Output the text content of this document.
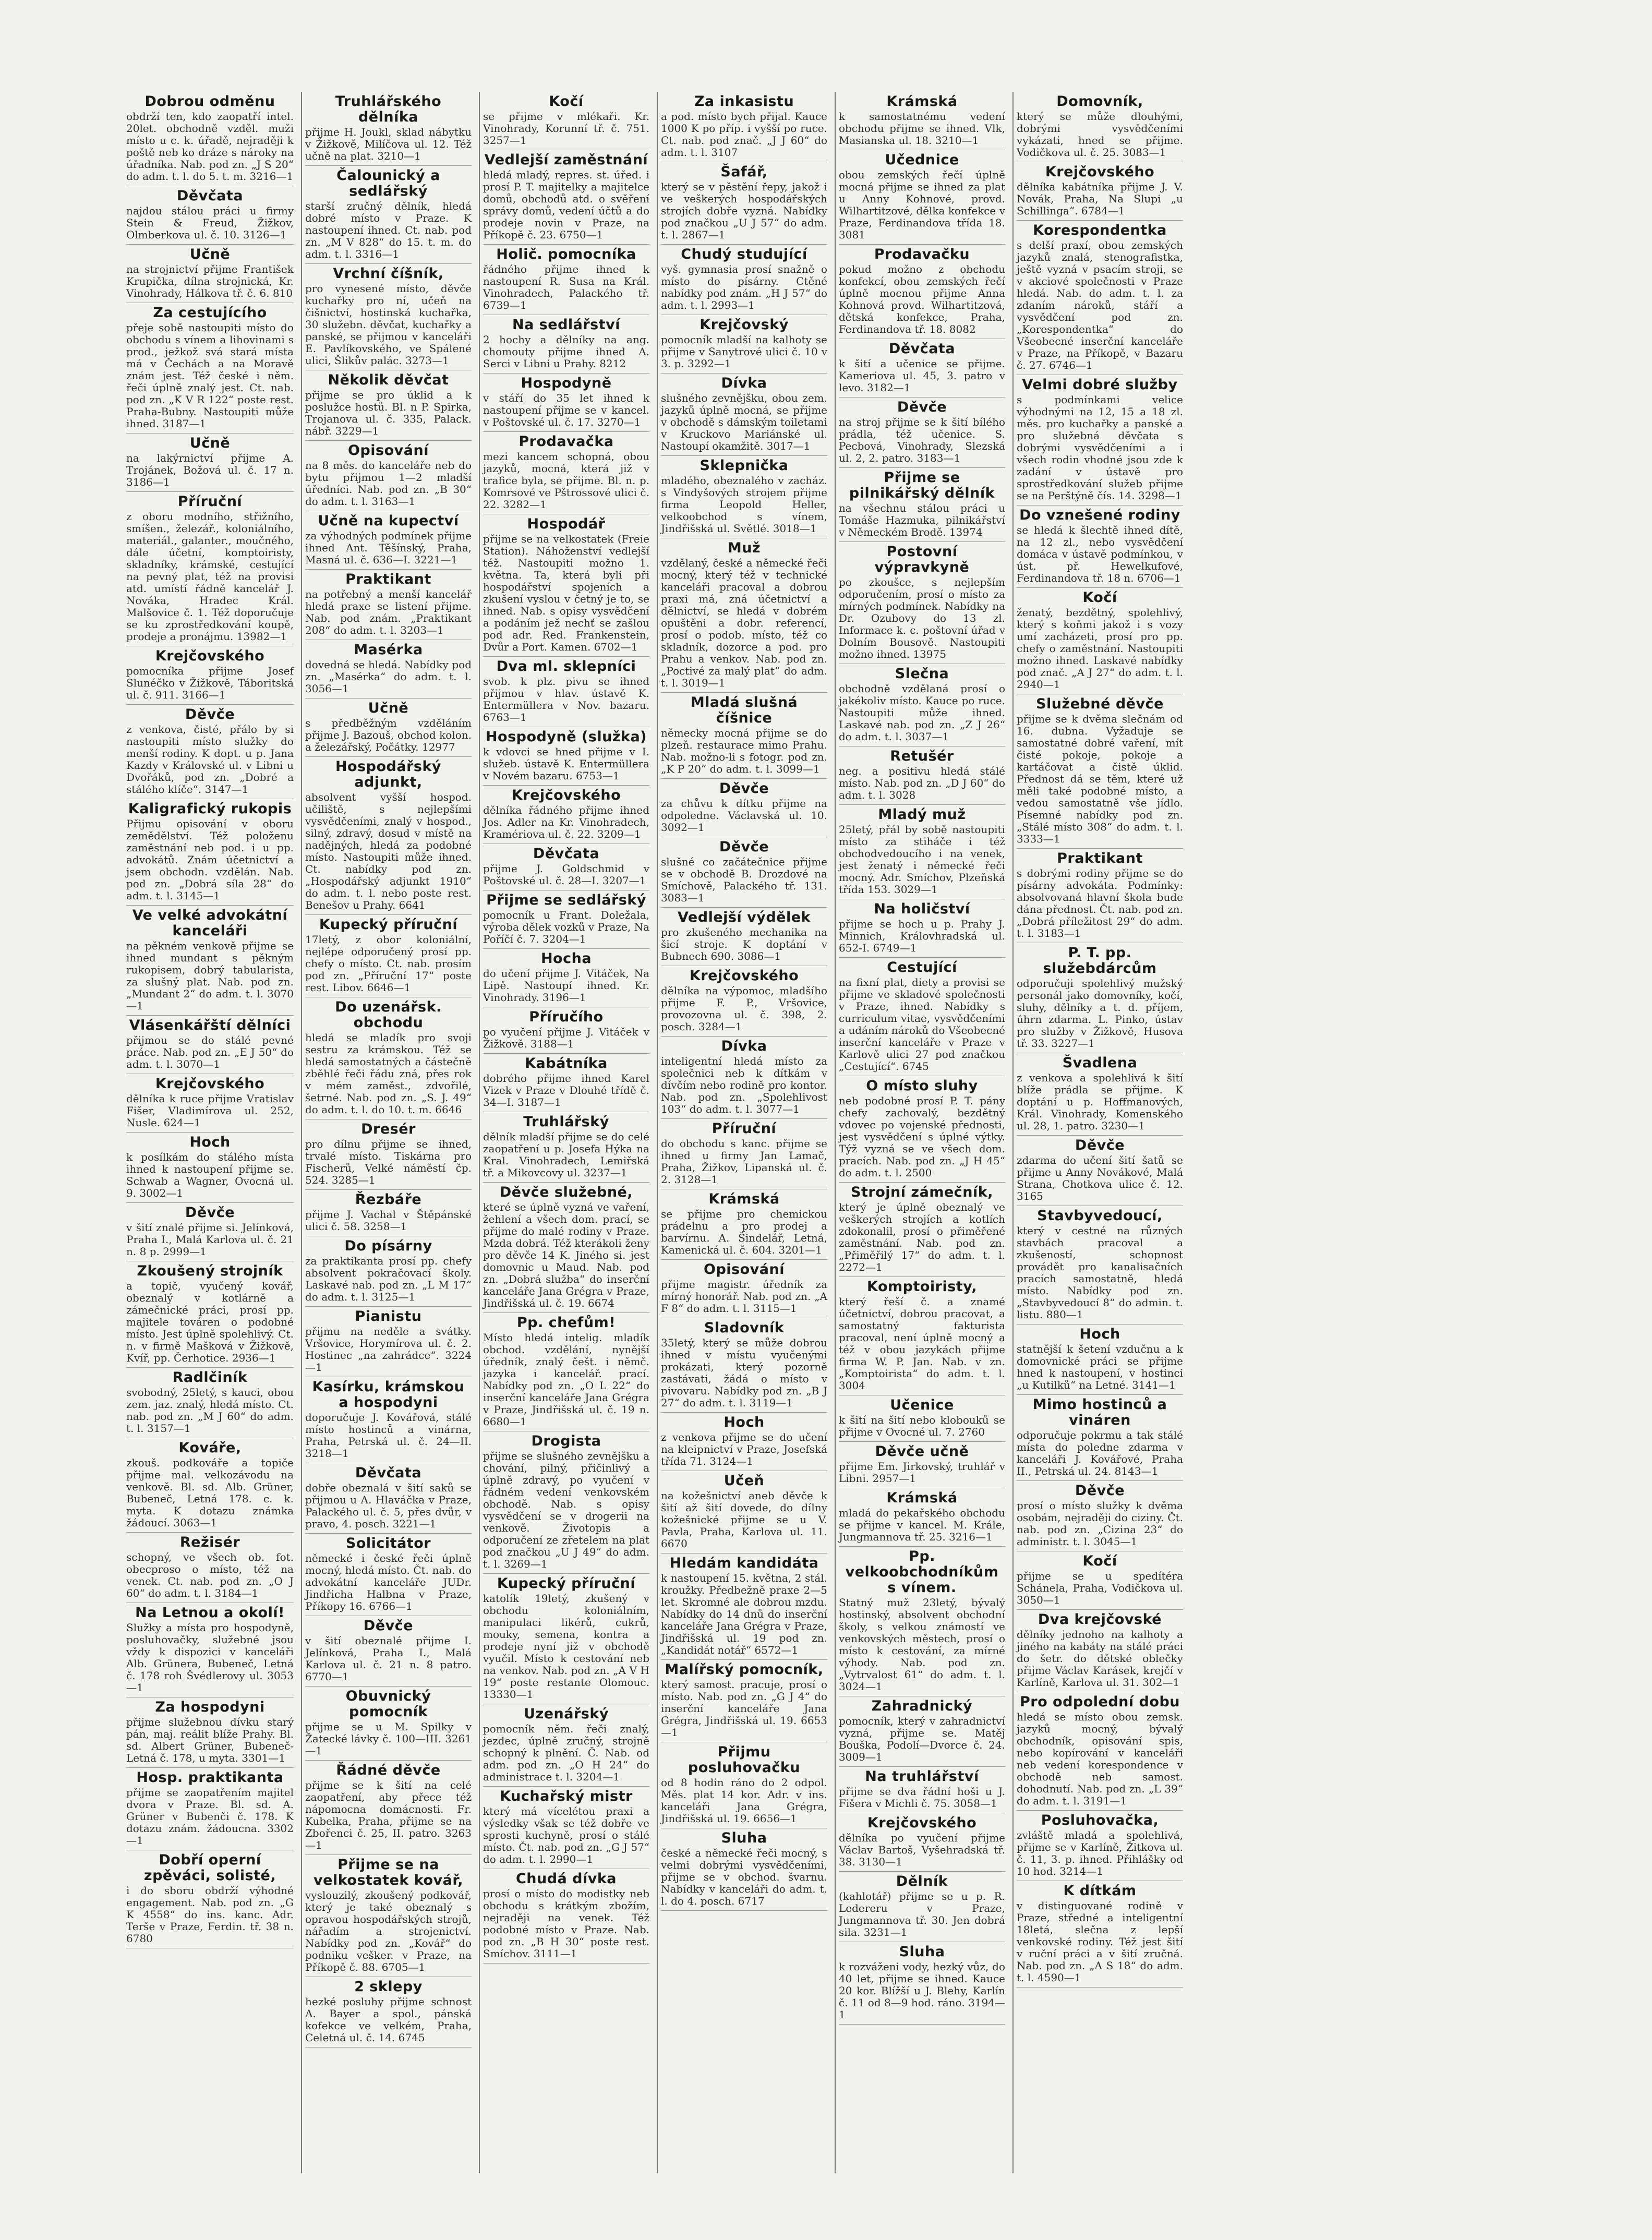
Dobrou odměnu

obdrží ten, kdo zaopatří intel. 20let. obchodně vzděl. muži místo u c. k. úřadě, nejraději k poště neb ko dráze s nároky na úřadníka. Nab. pod zn. „J S 20“ do adm. t. l. do 5. t. m. 3216—1

Děvčata

najdou stálou práci u firmy Stein & Freud, Žižkov, Olmberkova ul. č. 10. 3126—1

Učně

na strojnictví přijme František Krupička, dílna strojnická, Kr. Vinohrady, Hálkova tř. č. 6. 810

Za cestujícího

přeje sobě nastoupiti místo do obchodu s vínem a lihovinami s prod., ježkož svá stará místa má v Čechách a na Moravě znám jest. Též české i něm. řeči úplně znalý jest. Ct. nab. pod zn. „K V R 122“ poste rest. Praha-Bubny. Nastoupiti může ihned. 3187—1

Učně

na lakýrnictví přijme A. Trojánek, Božová ul. č. 17 n. 3186—1

Příruční

z oboru modního, střižního, smíšen., železář., koloniálního, materiál., galanter., moučného, dále účetní, komptoiristy, skladníky, krámské, cestující na pevný plat, též na provisi atd. umístí řádně kancelář J. Nováka, Hradec Král. Malšovice č. 1. Též doporučuje se ku zprostředkování koupě, prodeje a pronájmu. 13982—1

Krejčovského

pomocníka přijme Josef Slunéčko v Žižkově, Táboritská ul. č. 911. 3166—1

Děvče

z venkova, čisté, přálo by si nastoupiti místo služky do menší rodiny. K dopt. u p. Jana Kazdy v Královské ul. v Libni u Dvořáků, pod zn. „Dobré a stálého klíče“. 3147—1

Kaligrafický rukopis

Přijmu opisování v oboru zemědělství. Též položenu zaměstnání neb pod. i u pp. advokátů. Znám účetnictví a jsem obchodn. vzdělán. Nab. pod zn. „Dobrá síla 28“ do adm. t. l. 3145—1

Ve velké advokátní kanceláři

na pěkném venkově přijme se ihned mundant s pěkným rukopisem, dobrý tabularista, za slušný plat. Nab. pod zn. „Mundant 2“ do adm. t. l. 3070—1

Vlásenkářští dělníci

přijmou se do stálé pevné práce. Nab. pod zn. „E J 50“ do adm. t. l. 3070—1

Krejčovského

dělníka k ruce přijme Vratislav Fišer, Vladimírova ul. 252, Nusle. 624—1

Hoch

k posílkám do stálého místa ihned k nastoupení přijme se. Schwab a Wagner, Ovocná ul. 9. 3002—1

Děvče

v šití znalé přijme si. Jelínková, Praha I., Malá Karlova ul. č. 21 n. 8 p. 2999—1

Zkoušený strojník

a topič, vyučený kovář, obeznalý v kotlárně a zámečnické práci, prosí pp. majitele továren o podobné místo. Jest úplně spolehlivý. Ct. n. v firmě Mašková v Žižkově, Kvíř, pp. Čerhotice. 2936—1

Radlčiník

svobodný, 25letý, s kauci, obou zem. jaz. znalý, hledá místo. Ct. nab. pod zn. „M J 60“ do adm. t. l. 3157—1

Kováře,

zkouš. podkováře a topiče přijme mal. velkozávodu na venkově. Bl. sd. Alb. Grüner, Bubeneč, Letná 178. c. k. myta. K dotazu známka žádoucí. 3063—1

Režisér

schopný, ve všech ob. fot. obecproso o místo, též na venek. Ct. nab. pod zn. „O J 60“ do adm. t. l. 3184—1

Na Letnou a okolí!

Služky a místa pro hospodyně, posluhovačky, služebné jsou vždy k dispozici v kanceláři Alb. Grünera, Bubeneč, Letná č. 178 roh Švédlerovy ul. 3053—1

Za hospodyni

přijme služebnou dívku starý pán, maj. reálit blíže Prahy. Bl. sd. Albert Grüner, Bubeneč-Letná č. 178, u myta. 3301—1

Hosp. praktikanta

přijme se zaopatřením majitel dvora v Praze. Bl. sd. A. Grüner v Bubenči č. 178. K dotazu znám. žádoucna. 3302—1

Dobří operní zpěváci, solisté,

i do sboru obdrží výhodné engagement. Nab. pod zn. „G K 4558“ do ins. kanc. Adr. Terše v Praze, Ferdin. tř. 38 n. 6780

Truhlářského dělníka

přijme H. Joukl, sklad nábytku v Žižkově, Milíčova ul. 12. Též učně na plat. 3210—1

Čalounický a sedlářský

starší zručný dělník, hledá dobré místo v Praze. K nastoupení ihned. Ct. nab. pod zn. „M V 828“ do 15. t. m. do adm. t. l. 3316—1

Vrchní číšník,

pro vynesené místo, děvče kuchařky pro ní, učeň na čišnictví, hostinská kuchařka, 30 služebn. děvčat, kuchařky a panské, se přijmou v kanceláři E. Pavlíkovského, ve Spálené ulici, Šlikův palác. 3273—1

Několik děvčat

přijme se pro úklid a k poslužce hostů. Bl. n P. Spirka, Trojanova ul. č. 335, Palack. nábř. 3229—1

Opisování

na 8 měs. do kanceláře neb do bytu přijmou 1—2 mladší úředníci. Nab. pod zn. „B 30“ do adm. t. l. 3163—1

Učně na kupectví

za výhodných podmínek přijme ihned Ant. Těšínský, Praha, Masná ul. č. 636—I. 3221—1

Praktikant

na potřebný a menší kancelář hledá praxe se listení přijme. Nab. pod znám. „Praktikant 208“ do adm. t. l. 3203—1

Masérka

dovedná se hledá. Nabídky pod zn. „Masérka“ do adm. t. l. 3056—1

Učně

s předběžným vzděláním přijme J. Bazouš, obchod kolon. a železářský, Počátky. 12977

Hospodářský adjunkt,

absolvent vyšší hospod. učiliště, s nejlepšími vysvědčeními, znalý v hospod., silný, zdravý, dosud v místě na nadějných, hledá za podobné místo. Nastoupiti může ihned. Ct. nabídky pod zn. „Hospodářský adjunkt 1910“ do adm. t. l. nebo poste rest. Benešov u Prahy. 6641

Kupecký příruční

17letý, z obor koloniální, nejlépe odporučený prosí pp. chefy o místo. Ct. nab. prosím pod zn. „Příruční 17“ poste rest. Libov. 6646—1

Do uzenářsk. obchodu

hledá se mladík pro svoji sestru za krámskou. Též se hledá samostatných a částečně zběhlé řeči řádu zná, přes rok v mém zaměst., zdvořilé, šetrné. Nab. pod zn. „S. J. 49“ do adm. t. l. do 10. t. m. 6646

Dresér

pro dílnu přijme se ihned, trvalé místo. Tiskárna pro Fischerů, Velké náměstí čp. 524. 3285—1

Řezbáře

přijme J. Vachal v Štěpánské ulici č. 58. 3258—1

Do písárny

za praktikanta prosí pp. chefy absolvent pokračovací školy. Laskavé nab. pod zn. „L M 17“ do adm. t. l. 3125—1

Pianistu

přijmu na neděle a svátky. Vršovice, Horymírova ul. č. 2. Hostinec „na zahrádce“. 3224—1

Kasírku, krámskou a hospodyni

doporučuje J. Kovářová, stálé místo hostinců a vinárna, Praha, Petrská ul. č. 24—II. 3218—1

Děvčata

dobře obeznalá v šití saků se přijmou u A. Hlaváčka v Praze, Palackého ul. č. 5, přes dvůr, v pravo, 4. posch. 3221—1

Solicitátor

německé i české řeči úplně mocný, hledá místo. Čt. nab. do advokátní kanceláře JUDr. Jindřicha Halbna v Praze, Příkopy 16. 6766—1

Děvče

v šití obeznalé přijme I. Jelínková, Praha I., Malá Karlova ul. č. 21 n. 8 patro. 6770—1

Obuvnický pomocník

přijme se u M. Spilky v Žatecké lávky č. 100—III. 3261—1

Řádné děvče

přijme se k šití na celé zaopatření, aby přece též nápomocna domácnosti. Fr. Kubelka, Praha, přijme se na Zbořenci č. 25, II. patro. 3263—1

Přijme se na velkostatek kovář,

vyslouzilý, zkoušený podkovář, který je také obeznalý s opravou hospodářských strojů, nářadím a strojenictví. Nabídky pod zn. „Kovář“ do podniku vešker. v Praze, na Příkopě č. 88. 6705—1

2 sklepy

hezké posluhy přijme schnost A. Bayer a spol., pánská kofekce ve velkém, Praha, Celetná ul. č. 14. 6745

Kočí

se přijme v mlékaři. Kr. Vinohrady, Korunní tř. č. 751. 3257—1

Vedlejší zaměstnání

hledá mladý, repres. st. úřed. i prosí P. T. majitelky a majitelce domů, obchodů atd. o svěření správy domů, vedení účtů a do prodeje novin v Praze, na Příkopě č. 23. 6750—1

Holič. pomocníka

řádného přijme ihned k nastoupení R. Susa na Král. Vinohradech, Palackého tř. 6739—1

Na sedlářství

2 hochy a dělníky na ang. chomouty přijme ihned A. Serci v Libni u Prahy. 8212

Hospodyně

v stáří do 35 let ihned k nastoupení přijme se v kancel. v Poštovské ul. č. 17. 3270—1

Prodavačka

mezi kancem schopná, obou jazyků, mocná, která již v trafice byla, se přijme. Bl. n. p. Komrsové ve Pštrossové ulici č. 22. 3282—1

Hospodář

přijme se na velkostatek (Freie Station). Náhoženství vedlejší též. Nastoupiti možno 1. května. Ta, která byli při hospodářství spojeních a zkušení vyslou v četný je to, se ihned. Nab. s opisy vysvědčení a podáním jež nechť se zašlou pod adr. Red. Frankenstein, Dvůr a Port. Kamen. 6702—1

Dva ml. sklepníci

svob. k plz. pivu se ihned přijmou v hlav. ústavě K. Entermüllera v Nov. bazaru. 6763—1

Hospodyně (služka)

k vdovci se hned přijme v I. služeb. ústavě K. Entermüllera v Novém bazaru. 6753—1

Krejčovského

dělníka řádného přijme ihned Jos. Adler na Kr. Vinohradech, Kramériova ul. č. 22. 3209—1

Děvčata

přijme J. Goldschmid v Poštovské ul. č. 28—I. 3207—1

Přijme se sedlářský

pomocník u Frant. Doležala, výroba dělek vozků v Praze, Na Poříčí č. 7. 3204—1

Hocha

do učení přijme J. Vitáček, Na Lipě. Nastoupí ihned. Kr. Vinohrady. 3196—1

Příručího

po vyučení přijme J. Vitáček v Žižkově. 3188—1

Kabátníka

dobrého přijme ihned Karel Vizek v Praze v Dlouhé třídě č. 34—I. 3187—1

Truhlářský

dělník mladší přijme se do celé zaopatření u p. Josefa Hýka na Kral. Vinohradech, Lemiřská tř. a Mikovcovy ul. 3237—1

Děvče služebné,

které se úplně vyzná ve vaření, žehlení a všech dom. prací, se přijme do malé rodiny v Praze. Mzda dobrá. Též kterákoli ženy pro děvče 14 K. Jiného si. jest domovnic u Maud. Nab. pod zn. „Dobrá služba“ do inserční kanceláře Jana Grégra v Praze, Jindřišská ul. č. 19. 6674

Pp. chefům!

Místo hledá intelig. mladík obchod. vzdělání, nynější úředník, znalý češt. i němč. jazyka i kancelář. prací. Nabídky pod zn. „O L 22“ do inserční kanceláře Jana Grégra v Praze, Jindřišská ul. č. 19 n. 6680—1

Drogista

přijme se slušného zevnějšku a chování, pilný, přičinlivý a úplně zdravý, po vyučení v řádném vedení venkovském obchodě. Nab. s opisy vysvědčení se v drogerii na venkově. Životopis a odporučení ze zřetelem na plat pod značkou „U J 49“ do adm. t. l. 3269—1

Kupecký příruční

katolík 19letý, zkušený v obchodu koloniálním, manipulaci likérů, cukrů, mouky, semena, kontra a prodeje nyní již v obchodě vyučil. Místo k cestování neb na venkov. Nab. pod zn. „A V H 19“ poste restante Olomouc. 13330—1

Uzenářský

pomocník něm. řeči znalý, jezdec, úplně zručný, strojně schopný k plnění. Č. Nab. od adm. pod zn. „O H 24“ do administrace t. l. 3204—1

Kuchařský mistr

který má vícelétou praxi a výsledky však se též dobře ve sprosti kuchyně, prosí o stálé místo. Čt. nab. pod zn. „G J 57“ do adm. t. l. 2990—1

Chudá dívka

prosí o místo do modistky neb obchodu s krátkým zbožím, nejraději na venek. Též podobné místo v Praze. Nab. pod zn. „B H 30“ poste rest. Smíchov. 3111—1

Za inkasistu

a pod. místo bych přijal. Kauce 1000 K po příp. i vyšší po ruce. Ct. nab. pod znač. „J J 60“ do adm. t. l. 3107

Šafář,

který se v pěstění řepy, jakož i ve veškerých hospodářských strojích dobře vyzná. Nabídky pod značkou „U J 57“ do adm. t. l. 2867—1

Chudý studující

vyš. gymnasia prosí snažně o místo do písárny. Ctěné nabídky pod znám. „H J 57“ do adm. t. l. 2993—1

Krejčovský

pomocník mladší na kalhoty se přijme v Sanytrové ulici č. 10 v 3. p. 3292—1

Dívka

slušného zevnějšku, obou zem. jazyků úplně mocná, se přijme v obchodě s dámským toiletami v Kruckovo Mariánské ul. Nastoupí okamžitě. 3017—1

Sklepnička

mladého, obeznalého v zacház. s Vindyšových strojem přijme firma Leopold Heller, velkoobchod s vínem, Jindřišská ul. Světlé. 3018—1

Muž

vzdělaný, české a německé řeči mocný, který též v technické kanceláři pracoval a dobrou praxi má, zná účetnictví a dělnictví, se hledá v dobrém opuštěni a dobr. referencí, prosí o podob. místo, též co skladník, dozorce a pod. pro Prahu a venkov. Nab. pod zn. „Poctivé za malý plat“ do adm. t. l. 3019—1

Mladá slušná číšnice

německy mocná přijme se do plzeň. restaurace mimo Prahu. Nab. možno-li s fotogr. pod zn. „K P 20“ do adm. t. l. 3099—1

Děvče

za chůvu k dítku přijme na odpoledne. Václavská ul. 10. 3092—1

Děvče

slušné co začátečnice přijme se v obchodě B. Drozdové na Smíchově, Palackého tř. 131. 3083—1

Vedlejší výdělek

pro zkušeného mechanika na šicí stroje. K doptání v Bubnech 690. 3086—1

Krejčovského

dělníka na výpomoc, mladšího přijme F. P., Vršovice, provozovna ul. č. 398, 2. posch. 3284—1

Dívka

inteligentní hledá místo za společnici neb k dítkám v dívčím nebo rodině pro kontor. Nab. pod zn. „Spolehlivost 103“ do adm. t. l. 3077—1

Příruční

do obchodu s kanc. přijme se ihned u firmy Jan Lamač, Praha, Žižkov, Lipanská ul. č. 2. 3128—1

Krámská

se přijme pro chemickou prádelnu a pro prodej a barvírnu. A. Šindelář, Letná, Kamenická ul. č. 604. 3201—1

Opisování

přijme magistr. úředník za mírný honorář. Nab. pod zn. „A F 8“ do adm. t. l. 3115—1

Sladovník

35letý, který se může dobrou ihned v místu vyučenými prokázati, který pozorně zastávati, žádá o místo v pivovaru. Nabídky pod zn. „B J 27“ do adm. t. l. 3119—1

Hoch

z venkova přijme se do učení na kleipnictví v Praze, Josefská třída 71. 3124—1

Učeň

na kožešnictví aneb děvče k šití až šití dovede, do dílny kožešnické přijme se u V. Pavla, Praha, Karlova ul. 11. 6670

Hledám kandidáta

k nastoupení 15. května, 2 stál. kroužky. Předbežně praxe 2—5 let. Skromné ale dobrou mzdu. Nabídky do 14 dnů do inserční kanceláře Jana Grégra v Praze, Jindřišská ul. 19 pod zn. „Kandidát notář“ 6572—1

Malířský pomocník,

který samost. pracuje, prosí o místo. Nab. pod zn. „G J 4“ do inserční kanceláře Jana Grégra, Jindřišská ul. 19. 6653—1

Přijmu posluhovačku

od 8 hodin ráno do 2 odpol. Měs. plat 14 kor. Adr. v ins. kanceláři Jana Grégra, Jindřišská ul. 19. 6656—1

Sluha

české a německé řeči mocný, s velmi dobrými vysvědčeními, přijme se v obchod. švarnu. Nabídky v kanceláři do adm. t. l. do 4. posch. 6717

Krámská

k samostatnému vedení obchodu přijme se ihned. Vlk, Masianska ul. 18. 3210—1

Učednice

obou zemských řečí úplně mocná přijme se ihned za plat u Anny Kohnové, provd. Wilhartitzové, dělka konfekce v Praze, Ferdinandova třída 18. 3081

Prodavačku

pokud možno z obchodu konfekcí, obou zemských řečí úplně mocnou přijme Anna Kohnová provd. Wilhartitzová, dětská konfekce, Praha, Ferdinandova tř. 18. 8082

Děvčata

k šití a učenice se přijme. Kameriova ul. 45, 3. patro v levo. 3182—1

Děvče

na stroj přijme se k šití bílého prádla, též učenice. S. Pecbová, Vinohrady, Slezská ul. 2, 2. patro. 3183—1

Přijme se pilnikářský dělník

na všechnu stálou práci u Tomáše Hazmuka, pilnikářství v Německém Brodě. 13974

Postovní výpravkyně

po zkoušce, s nejlepším odporučením, prosí o místo za mírných podmínek. Nabídky na Dr. Ozubovy do 13 zl. Informace k. c. poštovní úřad v Dolním Bousově. Nastoupiti možno ihned. 13975

Slečna

obchodně vzdělaná prosí o jakékoliv místo. Kauce po ruce. Nastoupiti může ihned. Laskavé nab. pod zn. „Z J 26“ do adm. t. l. 3037—1

Retušér

neg. a positivu hledá stálé místo. Nab. pod zn. „D J 60“ do adm. t. l. 3028

Mladý muž

25letý, přál by sobě nastoupiti místo za stiháče i též obchodvedoucího i na venek, jest ženatý i německé řeči mocný. Adr. Smíchov, Plzeňská třída 153. 3029—1

Na holičství

přijme se hoch u p. Prahy J. Minnich, Královhradská ul. 652-I. 6749—1

Cestující

na fixní plat, diety a provisi se přijme ve skladové společnosti v Praze, ihned. Nabídky s curriculum vitae, vysvědčeními a udáním nároků do Všeobecné inserční kanceláře v Praze v Karlově ulici 27 pod značkou „Cestující“. 6745

O místo sluhy

neb podobné prosí P. T. pány chefy zachovalý, bezdětný vdovec po vojenské přednosti, jest vysvědčení s úplné výtky. Týž vyzná se ve všech dom. pracích. Nab. pod zn. „J H 45“ do adm. t. l. 2500

Strojní zámečník,

který je úplně obeznalý ve veškerých strojích a kotlích zdokonalil, prosí o přiměřené zaměstnání. Nab. pod zn. „Přiměřilý 17“ do adm. t. l. 2272—1

Komptoiristy,

který řeší č. a znamé účetnictví, dobrou pracovat, a samostatný fakturista pracoval, není úplně mocný a též v obou jazykách přijme firma W. P. Jan. Nab. v zn. „Komptoirista“ do adm. t. l. 3004

Učenice

k šití na šití nebo klobouků se přijme v Ovocné ul. 7. 2760

Děvče učně

přijme Em. Jirkovský, truhlář v Libni. 2957—1

Krámská

mladá do pekařského obchodu se přijme v kancel. M. Krále, Jungmannova tř. 25. 3216—1

Pp. velkoobchodníkům s vínem.

Statný muž 23letý, bývalý hostinský, absolvent obchodní školy, s velkou známostí ve venkovských městech, prosí o místo k cestování, za mírné výhody. Nab. pod zn. „Vytrvalost 61“ do adm. t. l. 3024—1

Zahradnický

pomocník, který v zahradnictví vyzná, přijme se. Matěj Bouška, Podolí—Dvorce č. 24. 3009—1

Na truhlářství

přijme se dva řádní hoši u J. Fišera v Michli č. 75. 3058—1

Krejčovského

dělníka po vyučení přijme Václav Bartoš, Vyšehradská tř. 38. 3130—1

Dělník

(kahlotář) přijme se u p. R. Ledereru v Praze, Jungmannova tř. 30. Jen dobrá sila. 3231—1

Sluha

k rozváženi vody, hezký vůz, do 40 let, přijme se ihned. Kauce 20 kor. Blížší u J. Blehy, Karlín č. 11 od 8—9 hod. ráno. 3194—1

Domovník,

který se může dlouhými, dobrými vysvědčeními vykázati, hned se přijme. Vodičkova ul. č. 25. 3083—1

Krejčovského

dělníka kabátníka přijme J. V. Novák, Praha, Na Slupi „u Schillinga“. 6784—1

Korespondentka

s delší praxí, obou zemských jazyků znalá, stenografistka, ještě vyzná v psacím stroji, se v akciové společnosti v Praze hledá. Nab. do adm. t. l. za zdaním nároků, stáří a vysvědčení pod zn. „Korespondentka“ do Všeobecné inserční kanceláře v Praze, na Příkopě, v Bazaru č. 27. 6746—1

Velmi dobré služby

s podmínkami velice výhodnými na 12, 15 a 18 zl. měs. pro kuchařky a panské a pro služebná děvčata s dobrými vysvědčeními a i všech rodin vhodné jsou zde k zadání v ústavě pro sprostředkování služeb přijme se na Perštýně čís. 14. 3298—1

Do vznešené rodiny

se hledá k šlechtě ihned dítě, na 12 zl., nebo vysvědčení domáca v ústavě podmínkou, v úst. př. Hewelkufové, Ferdinandova tř. 18 n. 6706—1

Kočí

ženatý, bezdětný, spolehlivý, který s koňmi jakož i s vozy umí zacházeti, prosí pro pp. chefy o zaměstnání. Nastoupiti možno ihned. Laskavé nabídky pod znač. „A J 27“ do adm. t. l. 2940—1

Služebné děvče

přijme se k dvěma slečnám od 16. dubna. Vyžaduje se samostatné dobré vaření, mít čisté pokoje, pokoje a kartáčovat a čistě úklid. Přednost dá se těm, které už měli také podobné místo, a vedou samostatně vše jídlo. Písemné nabídky pod zn. „Stálé místo 308“ do adm. t. l. 3333—1

Praktikant

s dobrými rodiny přijme se do písárny advokáta. Podmínky: absolvovaná hlavní škola bude dána přednost. Čt. nab. pod zn. „Dobrá příležitost 29“ do adm. t. l. 3183—1

P. T. pp. služebdárcům

odporučuji spolehlivý mužský personál jako domovníky, kočí, sluhy, dělníky a t. d. příjem, úhrn zdarma. L. Pinko, ústav pro služby v Žižkově, Husova tř. 33. 3227—1

Švadlena

z venkova a spolehlivá k šití blíže prádla se přijme. K doptání u p. Hoffmanových, Král. Vinohrady, Komenského ul. 28, 1. patro. 3230—1

Děvče

zdarma do učení šití šatů se přijme u Anny Novákové, Malá Strana, Chotkova ulice č. 12. 3165

Stavbyvedoucí,

který v cestné na různých stavbách pracoval a zkušeností, schopnost provádět pro kanalisačních pracích samostatně, hledá místo. Nabídky pod zn. „Stavbyvedoucí 8“ do admin. t. listu. 880—1

Hoch

statnější k šetení vzdučnu a k domovnické práci se přijme hned k nastoupení, v hostinci „u Kutilků“ na Letné. 3141—1

Mimo hostinců a vináren

odporučuje pokrmu a tak stálé místa do poledne zdarma v kanceláři J. Kovářové, Praha II., Petrská ul. 24. 8143—1

Děvče

prosí o místo služky k dvěma osobám, nejraději do ciziny. Čt. nab. pod zn. „Cizina 23“ do administr. t. l. 3045—1

Kočí

přijme se u spedítéra Schánela, Praha, Vodičkova ul. 3050—1

Dva krejčovské

dělníky jednoho na kalhoty a jiného na kabáty na stálé práci do šetr. do dětské oblečky přijme Václav Karásek, krejčí v Karlíně, Karlova ul. 31. 302—1

Pro odpolední dobu

hledá se místo obou zemsk. jazyků mocný, bývalý obchodník, opisování spis, nebo kopírování v kanceláři neb vedení korespondence v obchodě neb samost. dohodnutí. Nab. pod zn. „L 39“ do adm. t. l. 3191—1

Posluhovačka,

zvláště mladá a spolehlivá, přijme se v Karlíně, Žitkova ul. č. 11, 3. p. ihned. Přihlášky od 10 hod. 3214—1

K dítkám

v distinguované rodině v Praze, středné a inteligentní 18letá, slečna z lepší venkovské rodiny. Též jest šití v ruční práci a v šití zručná. Nab. pod zn. „A S 18“ do adm. t. l. 4590—1
